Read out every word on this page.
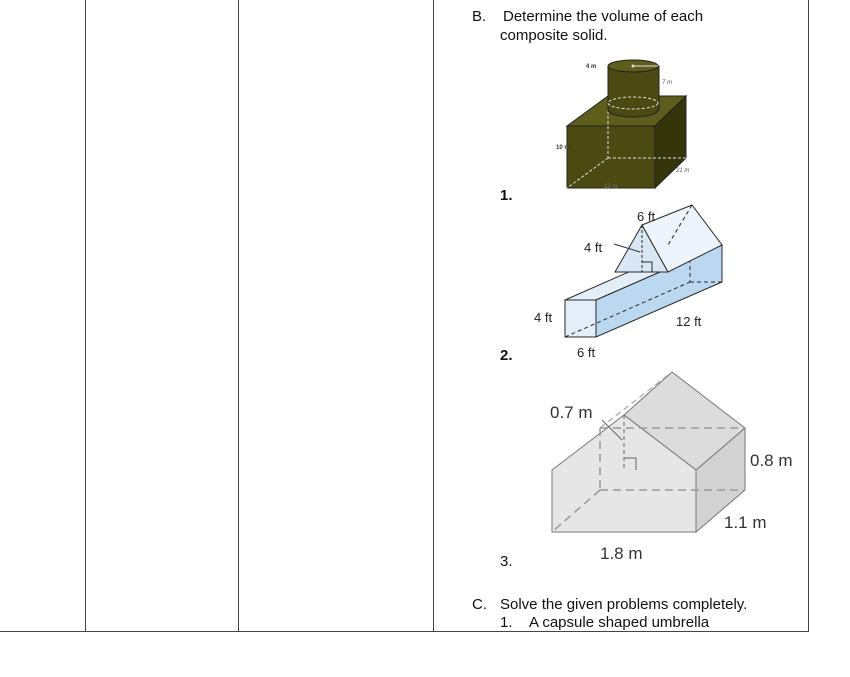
B. Determine the volume of each
composite solid.
4 m
7 m
10 m
21 m
12 m
1.
6 ft
4 ft
4 ft	12 ft
6 ft
2.
0.7 m
0.8 m
1.1 m
1.8 m
3.
C. Solve the given problems completely.
1. A capsule shaped umbrella
